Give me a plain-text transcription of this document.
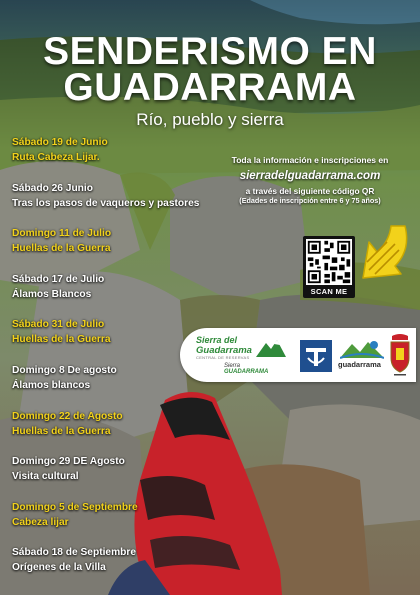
SENDERISMO EN
GUADARRAMA
Río, pueblo y sierra
Sábado 19 de Junio
Ruta Cabeza Lijar.
Sábado 26 Junio
Tras los pasos de vaqueros y pastores
Domingo 11 de Julio
Huellas de la Guerra
Sábado 17 de Julio
Álamos Blancos
Sábado 31 de Julio
Huellas de la Guerra
Domingo 8 De agosto
Álamos blancos
Domingo 22 de Agosto
Huellas de la Guerra
Domingo 29 DE Agosto
Visita cultural
Domingo 5 de Septiembre
Cabeza lijar
Sábado 18 de Septiembre
Orígenes de la Villa
Toda la información e inscripciones en
sierradelguadarrama.com
a través del siguiente código QR
(Edades de inscripción entre 6 y 75 años)
SCAN ME
Sierra del
Guadarrama
CENTRAL DE RESERVAS
Sierra GUADARRAMA
guadarrama
